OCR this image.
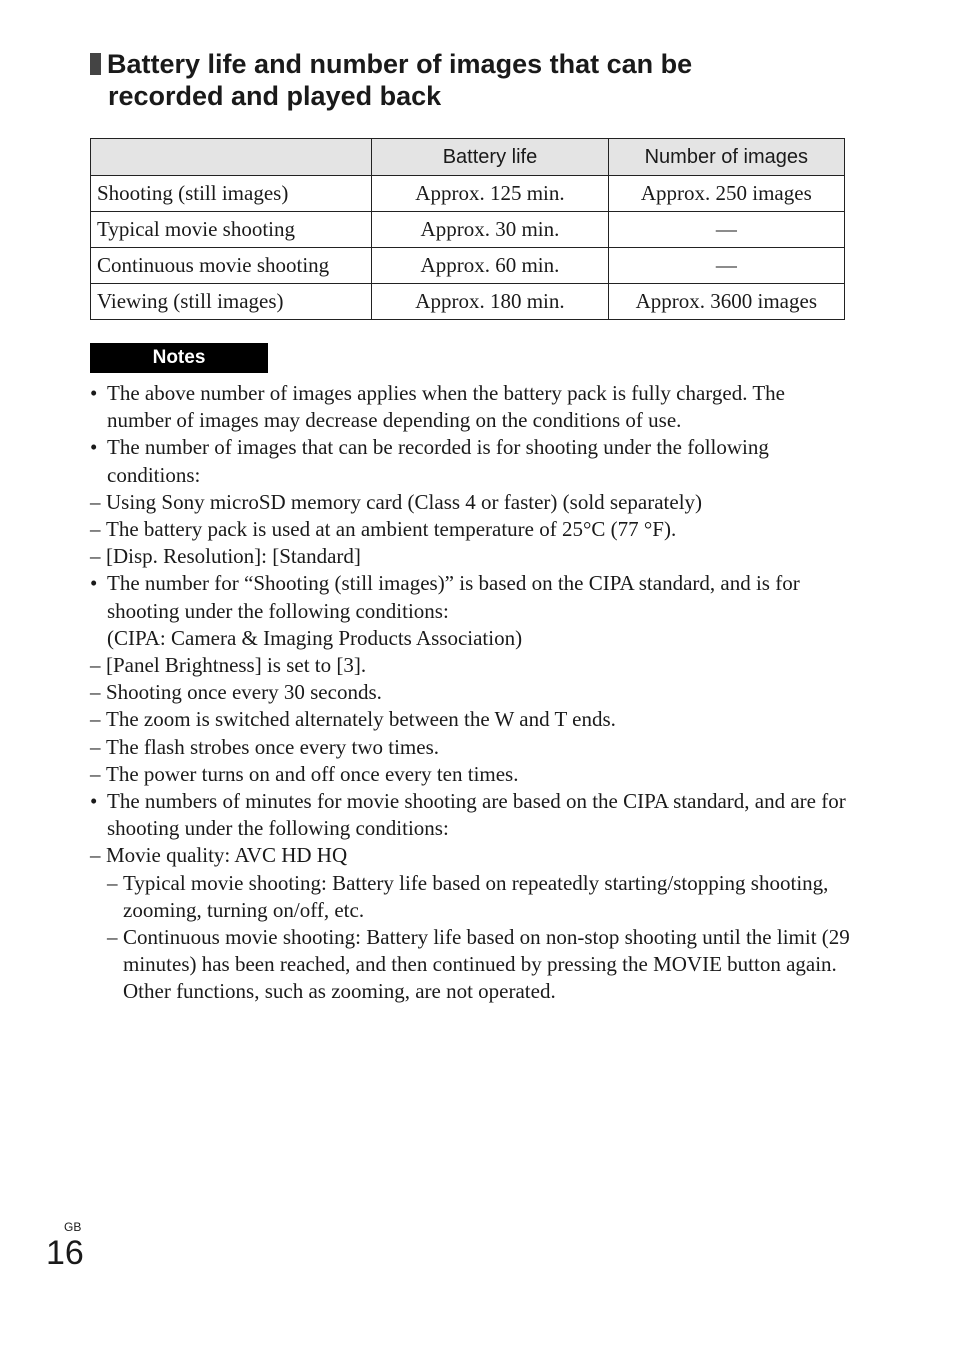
Battery life and number of images that can be
recorded and played back
	Battery life	Number of images
Shooting (still images)	Approx. 125 min.	Approx. 250 images
Typical movie shooting	Approx. 30 min.	—
Continuous movie shooting	Approx. 60 min.	—
Viewing (still images)	Approx. 180 min.	Approx. 3600 images
Notes
• The above number of images applies when the battery pack is fully charged. The number of images may decrease depending on the conditions of use.
• The number of images that can be recorded is for shooting under the following conditions:
– Using Sony microSD memory card (Class 4 or faster) (sold separately)
– The battery pack is used at an ambient temperature of 25°C (77 °F).
– [Disp. Resolution]: [Standard]
• The number for “Shooting (still images)” is based on the CIPA standard, and is for shooting under the following conditions:
(CIPA: Camera & Imaging Products Association)
– [Panel Brightness] is set to [3].
– Shooting once every 30 seconds.
– The zoom is switched alternately between the W and T ends.
– The flash strobes once every two times.
– The power turns on and off once every ten times.
• The numbers of minutes for movie shooting are based on the CIPA standard, and are for shooting under the following conditions:
– Movie quality: AVC HD HQ
– Typical movie shooting: Battery life based on repeatedly starting/stopping shooting, zooming, turning on/off, etc.
– Continuous movie shooting: Battery life based on non-stop shooting until the limit (29 minutes) has been reached, and then continued by pressing the MOVIE button again. Other functions, such as zooming, are not operated.
GB
16
